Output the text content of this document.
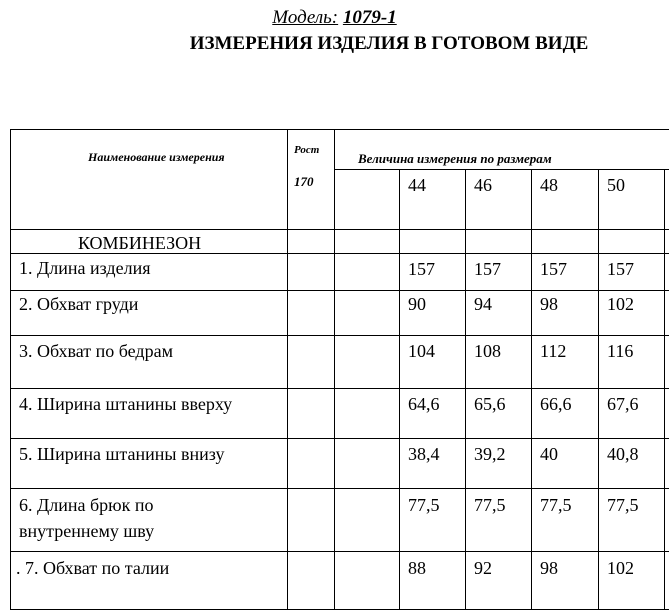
Модель: 1079-1
ИЗМЕРЕНИЯ ИЗДЕЛИЯ В ГОТОВОМ ВИДЕ
Наименование измерения	Рост
170
Величина измерения по размерам
44	46	48	50
КОМБИНЕЗОН
1. Длина изделия	157 157 157 157
2. Обхват груди	90	94	98	102
3. Обхват по бедрам	104 108 112 116
4. Ширина штанины вверху	64,6 65,6 66,6 67,6
5. Ширина штанины внизу	38,4 39,2 40	40,8
6. Длина брюк по
внутреннему шву
77,5 77,5 77,5 77,5
. 7. Обхват по талии	88	92	98	102
